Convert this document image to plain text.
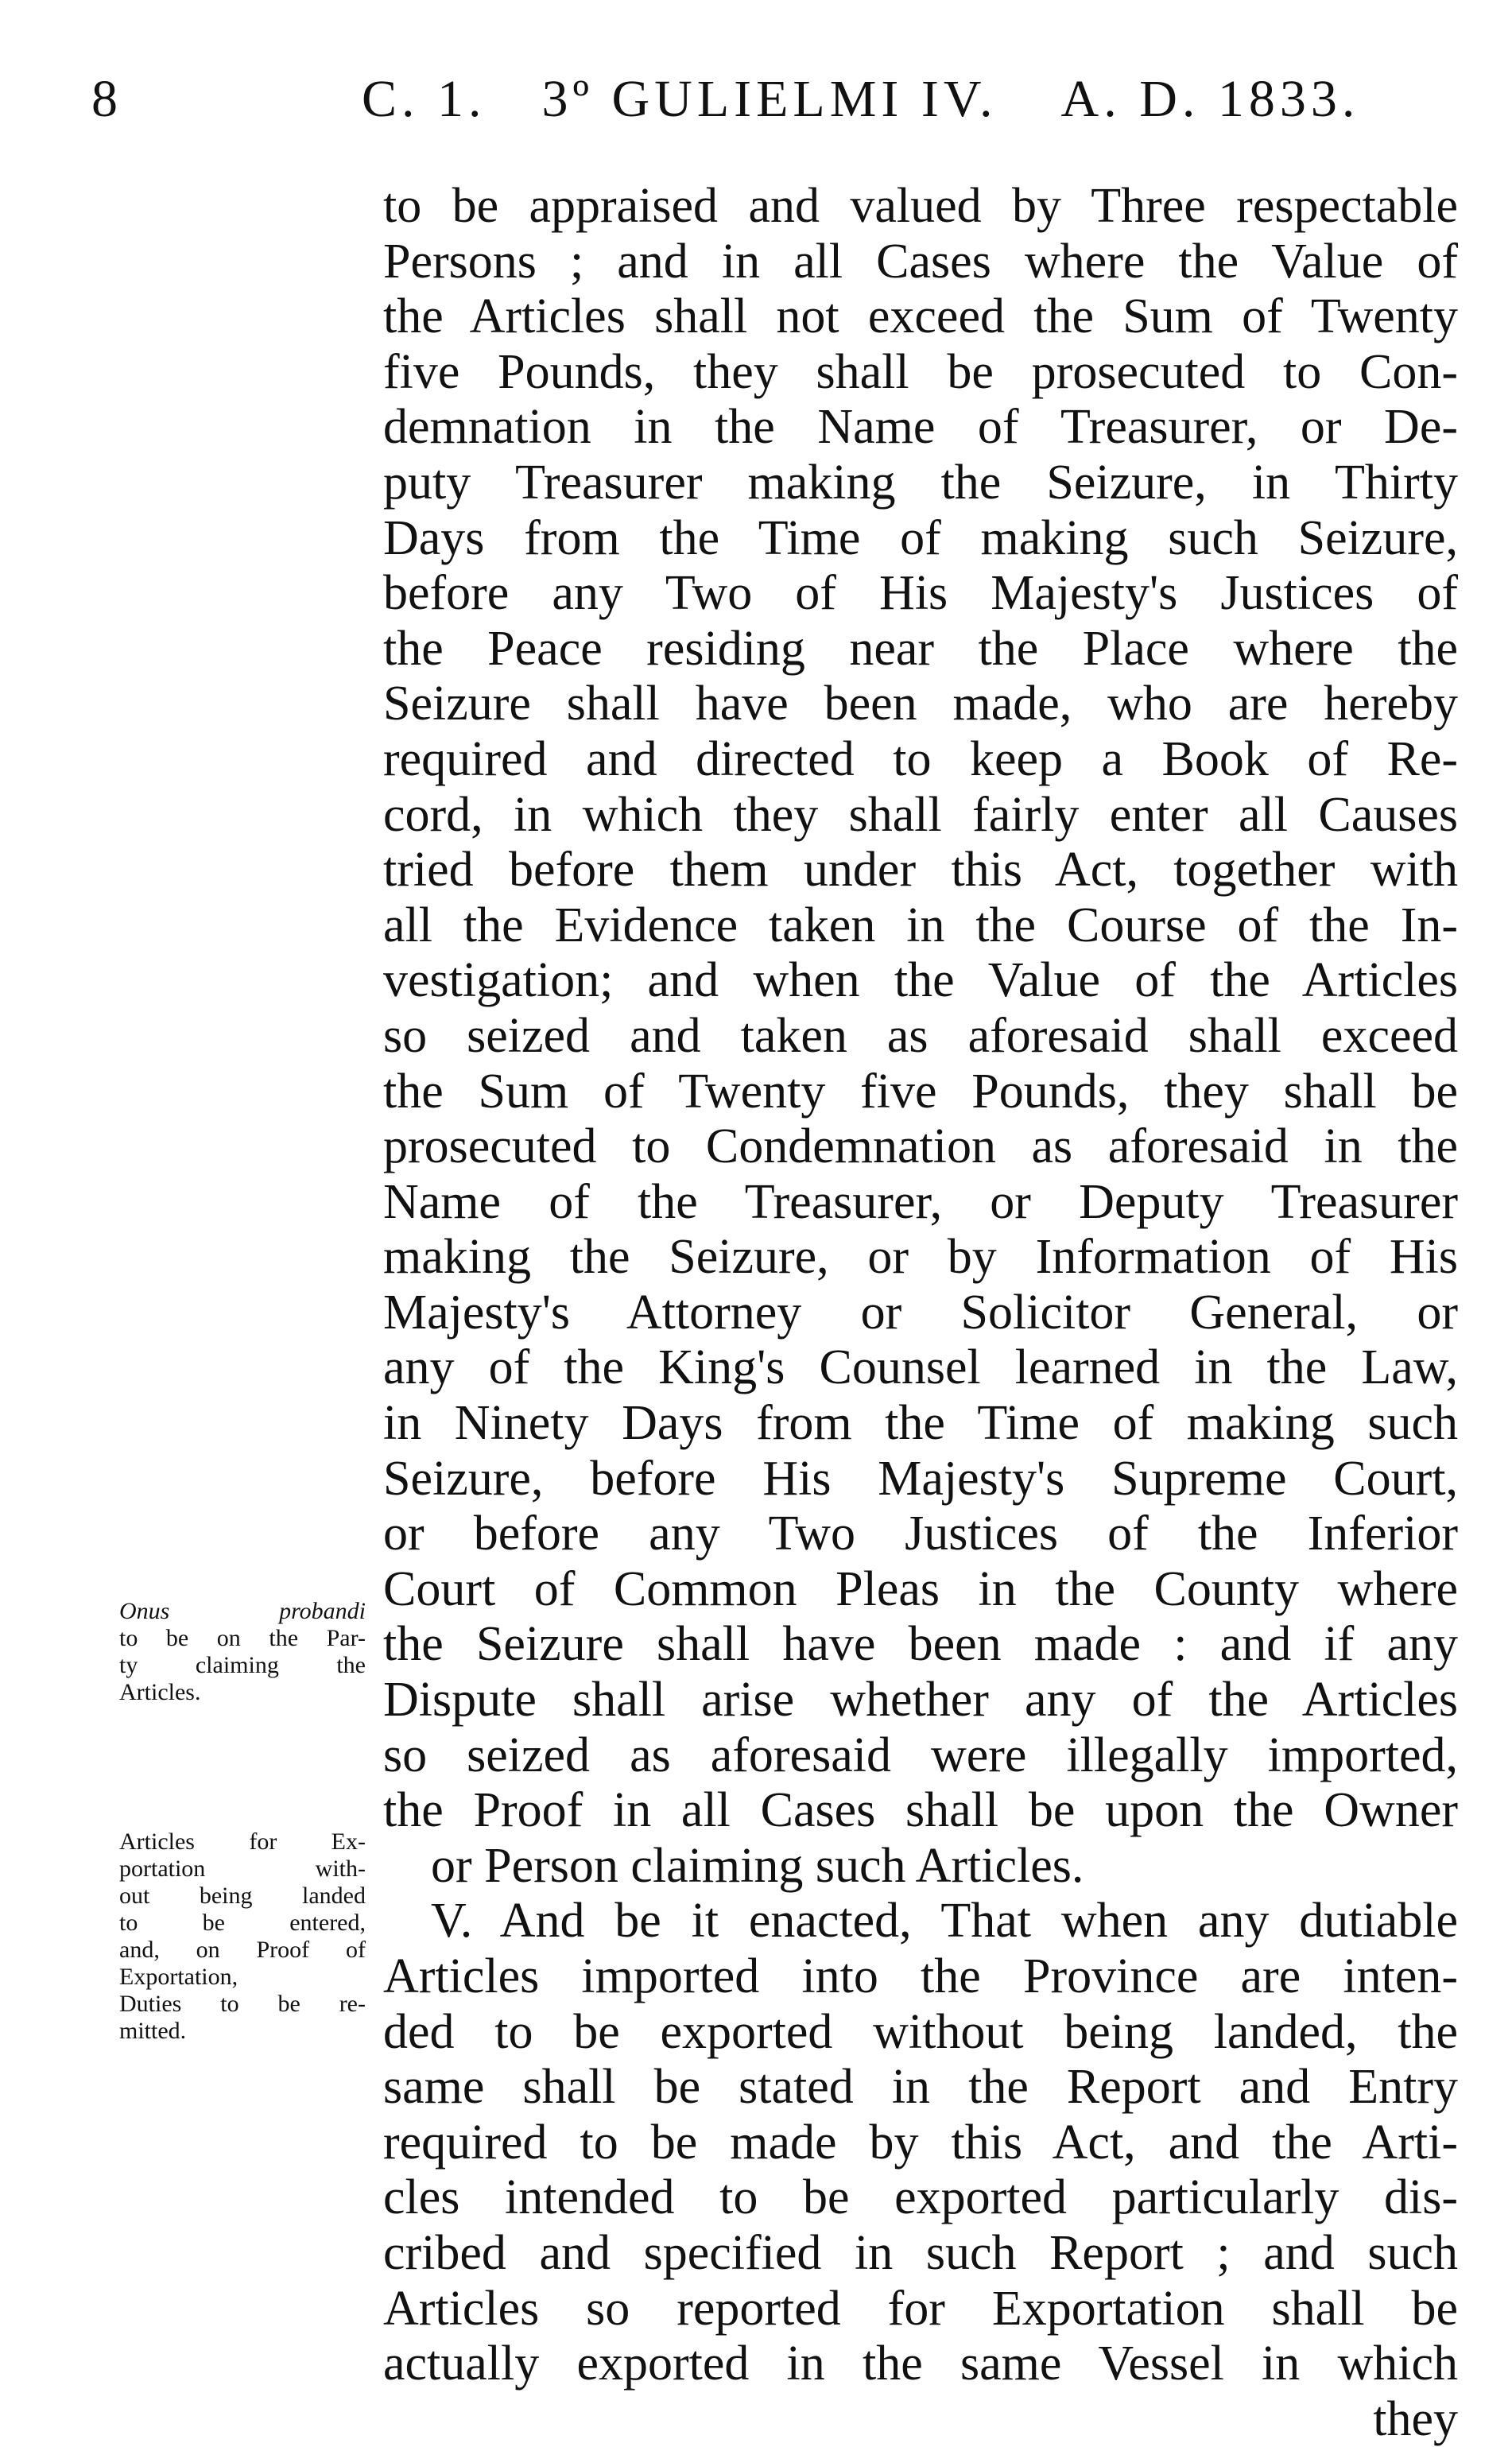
8	C. 1. 3º GULIELMI IV. A. D. 1833.
to be appraised and valued by Three respectable
Persons ; and in all Cases where the Value of
the Articles shall not exceed the Sum of Twenty
five Pounds, they shall be prosecuted to Con-
demnation in the Name of Treasurer, or De-
puty Treasurer making the Seizure, in Thirty
Days from the Time of making such Seizure,
before any Two of His Majesty's Justices of
the Peace residing near the Place where the
Seizure shall have been made, who are hereby
required and directed to keep a Book of Re-
cord, in which they shall fairly enter all Causes
tried before them under this Act, together with
all the Evidence taken in the Course of the In-
vestigation; and when the Value of the Articles
so seized and taken as aforesaid shall exceed
the Sum of Twenty five Pounds, they shall be
prosecuted to Condemnation as aforesaid in the
Name of the Treasurer, or Deputy Treasurer
making the Seizure, or by Information of His
Majesty's Attorney or Solicitor General, or
any of the King's Counsel learned in the Law,
in Ninety Days from the Time of making such
Seizure, before His Majesty's Supreme Court,
or before any Two Justices of the Inferior
Court of Common Pleas in the County where
the Seizure shall have been made : and if any
Dispute shall arise whether any of the Articles
so seized as aforesaid were illegally imported,
the Proof in all Cases shall be upon the Owner
or Person claiming such Articles.
V. And be it enacted, That when any dutiable
Articles imported into the Province are inten-
ded to be exported without being landed, the
same shall be stated in the Report and Entry
required to be made by this Act, and the Arti-
cles intended to be exported particularly dis-
cribed and specified in such Report ; and such
Articles so reported for Exportation shall be
actually exported in the same Vessel in which
they
Onus probandi
to be on the Par-
ty claiming the
Articles.
Articles for Ex-
portation with-
out being landed
to be entered,
and, on Proof of
Exportation,
Duties to be re-
mitted.
